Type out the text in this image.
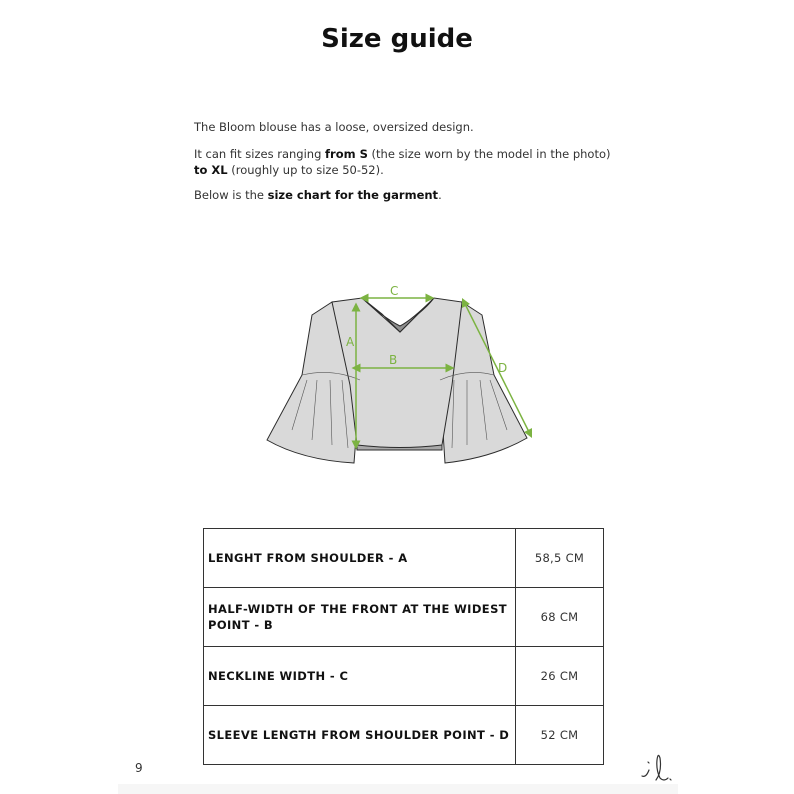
Size guide

The Bloom blouse has a loose, oversized design.

It can fit sizes ranging from S (the size worn by the model in the photo) to XL (roughly up to size 50-52).

Below is the size chart for the garment.

A
B
C
D
LENGHT FROM SHOULDER - A	58,5 CM
HALF-WIDTH OF THE FRONT AT THE WIDEST POINT - B	68 CM
NECKLINE WIDTH - C	26 CM
SLEEVE LENGTH FROM SHOULDER POINT - D	52 CM
9
